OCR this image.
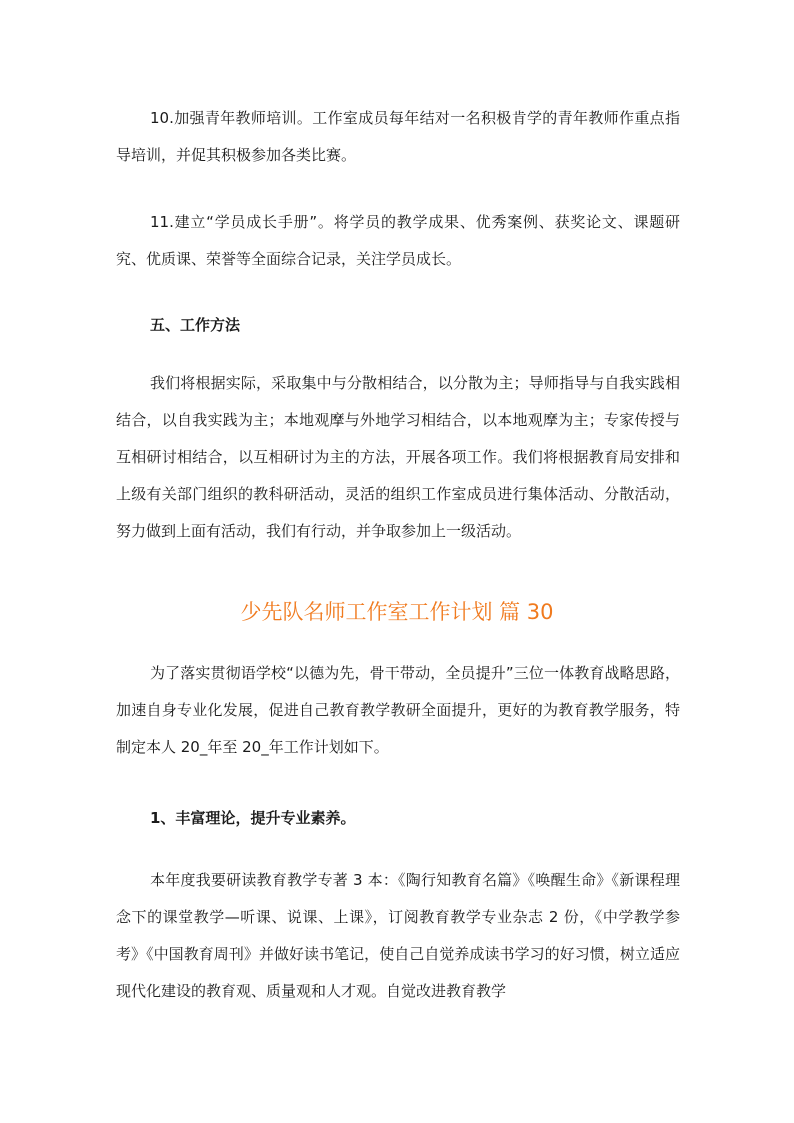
10.加强青年教师培训。工作室成员每年结对一名积极肯学的青年教师作重点指导培训，并促其积极参加各类比赛。

11.建立“学员成长手册”。将学员的教学成果、优秀案例、获奖论文、课题研究、优质课、荣誉等全面综合记录，关注学员成长。

五、工作方法

我们将根据实际，采取集中与分散相结合，以分散为主；导师指导与自我实践相结合，以自我实践为主；本地观摩与外地学习相结合，以本地观摩为主；专家传授与互相研讨相结合，以互相研讨为主的方法，开展各项工作。我们将根据教育局安排和上级有关部门组织的教科研活动，灵活的组织工作室成员进行集体活动、分散活动，努力做到上面有活动，我们有行动，并争取参加上一级活动。

少先队名师工作室工作计划 篇 30

为了落实贯彻语学校“以德为先，骨干带动，全员提升”三位一体教育战略思路，加速自身专业化发展，促进自己教育教学教研全面提升，更好的为教育教学服务，特制定本人 20_年至 20_年工作计划如下。

1、丰富理论，提升专业素养。

本年度我要研读教育教学专著 3 本：《陶行知教育名篇》《唤醒生命》《新课程理念下的课堂教学—听课、说课、上课》，订阅教育教学专业杂志 2 份，《中学教学参考》《中国教育周刊》并做好读书笔记，使自己自觉养成读书学习的好习惯，树立适应现代化建设的教育观、质量观和人才观。自觉改进教育教学
